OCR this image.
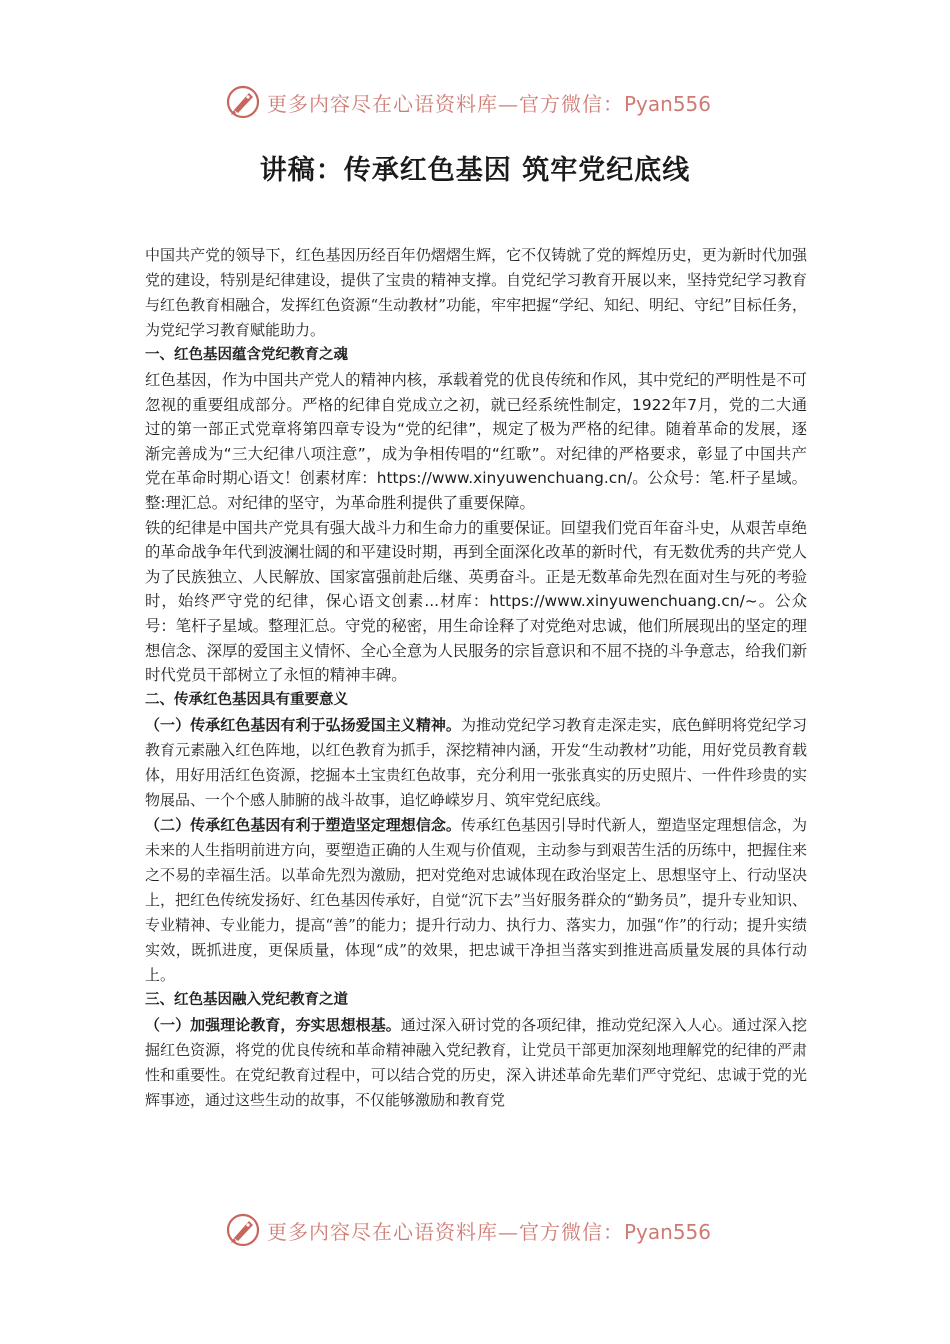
更多内容尽在心语资料库—官方微信：Pyan556
讲稿：传承红色基因 筑牢党纪底线

中国共产党的领导下，红色基因历经百年仍熠熠生辉，它不仅铸就了党的辉煌历史，更为新时代加强党的建设，特别是纪律建设，提供了宝贵的精神支撑。自党纪学习教育开展以来，坚持党纪学习教育与红色教育相融合，发挥红色资源“生动教材”功能，牢牢把握“学纪、知纪、明纪、守纪”目标任务，为党纪学习教育赋能助力。

一、红色基因蕴含党纪教育之魂

红色基因，作为中国共产党人的精神内核，承载着党的优良传统和作风，其中党纪的严明性是不可忽视的重要组成部分。严格的纪律自党成立之初，就已经系统性制定，1922年7月，党的二大通过的第一部正式党章将第四章专设为“党的纪律”，规定了极为严格的纪律。随着革命的发展，逐渐完善成为“三大纪律八项注意”，成为争相传唱的“红歌”。对纪律的严格要求，彰显了中国共产党在革命时期心语文！创素材库：https://www.xinyuwenchuang.cn/。公众号：笔.杆子星域。整:理汇总。对纪律的坚守，为革命胜利提供了重要保障。

铁的纪律是中国共产党具有强大战斗力和生命力的重要保证。回望我们党百年奋斗史，从艰苦卓绝的革命战争年代到波澜壮阔的和平建设时期，再到全面深化改革的新时代，有无数优秀的共产党人为了民族独立、人民解放、国家富强前赴后继、英勇奋斗。正是无数革命先烈在面对生与死的考验时，始终严守党的纪律，保心语文创素...材库：https://www.xinyuwenchuang.cn/~。公众号：笔杆子星域。整理汇总。守党的秘密，用生命诠释了对党绝对忠诚，他们所展现出的坚定的理想信念、深厚的爱国主义情怀、全心全意为人民服务的宗旨意识和不屈不挠的斗争意志，给我们新时代党员干部树立了永恒的精神丰碑。

二、传承红色基因具有重要意义

（一）传承红色基因有利于弘扬爱国主义精神。为推动党纪学习教育走深走实，底色鲜明将党纪学习教育元素融入红色阵地，以红色教育为抓手，深挖精神内涵，开发“生动教材”功能，用好党员教育载体，用好用活红色资源，挖掘本土宝贵红色故事，充分利用一张张真实的历史照片、一件件珍贵的实物展品、一个个感人肺腑的战斗故事，追忆峥嵘岁月、筑牢党纪底线。

（二）传承红色基因有利于塑造坚定理想信念。传承红色基因引导时代新人，塑造坚定理想信念，为未来的人生指明前进方向，要塑造正确的人生观与价值观，主动参与到艰苦生活的历练中，把握住来之不易的幸福生活。以革命先烈为激励，把对党绝对忠诚体现在政治坚定上、思想坚守上、行动坚决上，把红色传统发扬好、红色基因传承好，自觉“沉下去”当好服务群众的“勤务员”，提升专业知识、专业精神、专业能力，提高“善”的能力；提升行动力、执行力、落实力，加强“作”的行动；提升实绩实效，既抓进度，更保质量，体现“成”的效果，把忠诚干净担当落实到推进高质量发展的具体行动上。

三、红色基因融入党纪教育之道

（一）加强理论教育，夯实思想根基。通过深入研讨党的各项纪律，推动党纪深入人心。通过深入挖掘红色资源，将党的优良传统和革命精神融入党纪教育，让党员干部更加深刻地理解党的纪律的严肃性和重要性。在党纪教育过程中，可以结合党的历史，深入讲述革命先辈们严守党纪、忠诚于党的光辉事迹，通过这些生动的故事，不仅能够激励和教育党

更多内容尽在心语资料库—官方微信：Pyan556
